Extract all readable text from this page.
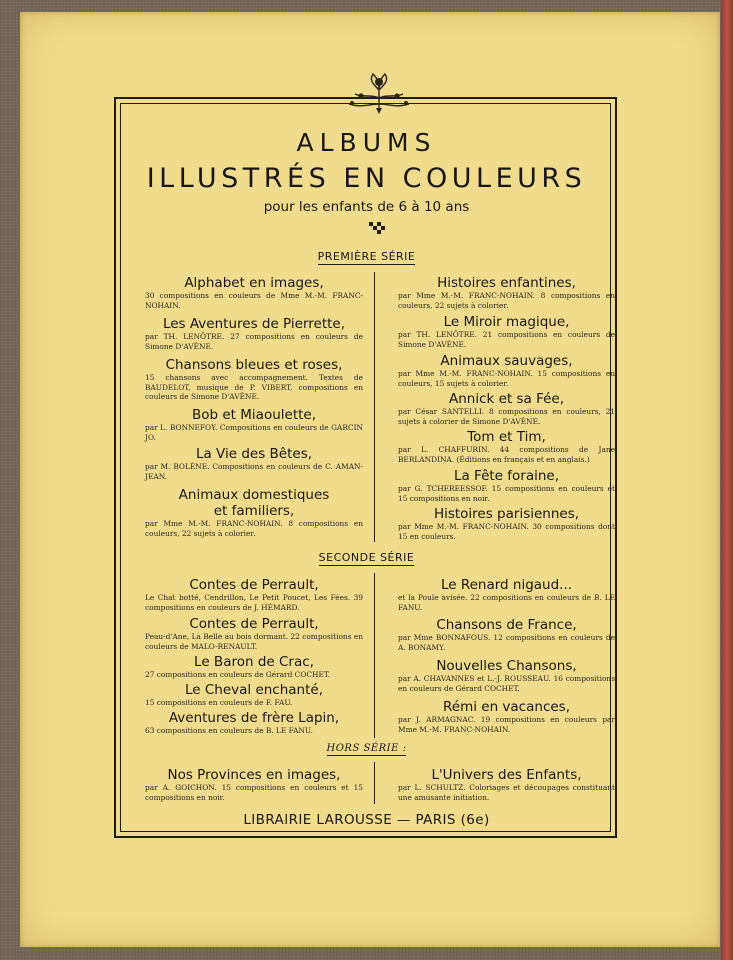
ALBUMS
ILLUSTRÉS EN COULEURS
pour les enfants de 6 à 10 ans
PREMIÈRE SÉRIE
Alphabet en images,
30 compositions en couleurs de Mme M.-M. FRANC-NOHAIN.
Les Aventures de Pierrette,
par TH. LENÔTRE. 27 compositions en couleurs de Simone D'AVÈNE.
Chansons bleues et roses,
15 chansons avec accompagnement. Textes de BAUDELOT, musique de P. VIBERT, compositions en couleurs de Simone D'AVÈNE.
Bob et Miaoulette,
par L. BONNEFOY. Compositions en couleurs de GARCIN JO.
La Vie des Bêtes,
par M. BOLÈNE. Compositions en couleurs de C. AMAN-JEAN.
Animaux domestiques
et familiers,
par Mme M.-M. FRANC-NOHAIN. 8 compositions en couleurs, 22 sujets à colorier.
Histoires enfantines,
par Mme M.-M. FRANC-NOHAIN. 8 compositions en couleurs, 22 sujets à colorier.
Le Miroir magique,
par TH. LENÔTRE. 21 compositions en couleurs de Simone D'AVÈNE.
Animaux sauvages,
par Mme M.-M. FRANC-NOHAIN. 15 compositions en couleurs, 15 sujets à colorier.
Annick et sa Fée,
par César SANTELLI. 8 compositions en couleurs, 21 sujets à colorier de Simone D'AVÈNE.
Tom et Tim,
par L. CHAFFURIN. 44 compositions de Jane BERLANDINA. (Éditions en français et en anglais.)
La Fête foraine,
par G. TCHEREESSOF. 15 compositions en couleurs et 15 compositions en noir.
Histoires parisiennes,
par Mme M.-M. FRANC-NOHAIN. 30 compositions dont 15 en couleurs.
SECONDE SÉRIE
Contes de Perrault,
Le Chat botté, Cendrillon, Le Petit Poucet, Les Fées. 39 compositions en couleurs de J. HÉMARD.
Contes de Perrault,
Peau-d'Ane, La Belle au bois dormant. 22 compositions en couleurs de MALO-RENAULT.
Le Baron de Crac,
27 compositions en couleurs de Gérard COCHET.
Le Cheval enchanté,
15 compositions en couleurs de F. FAU.
Aventures de frère Lapin,
63 compositions en couleurs de B. LE FANU.
Le Renard nigaud...
et la Poule avisée. 22 compositions en couleurs de B. LE FANU.
Chansons de France,
par Mme BONNAFOUS. 12 compositions en couleurs de A. BONAMY.
Nouvelles Chansons,
par A. CHAVANNES et L.-J. ROUSSEAU. 16 compositions en couleurs de Gérard COCHET.
Rémi en vacances,
par J. ARMAGNAC. 19 compositions en couleurs par Mme M.-M. FRANC-NOHAIN.
HORS SÉRIE :
Nos Provinces en images,
par A. GOICHON. 15 compositions en couleurs et 15 compositions en noir.
L'Univers des Enfants,
par L. SCHULTZ. Coloriages et découpages constituant une amusante initiation.
LIBRAIRIE LAROUSSE — PARIS (6e)
